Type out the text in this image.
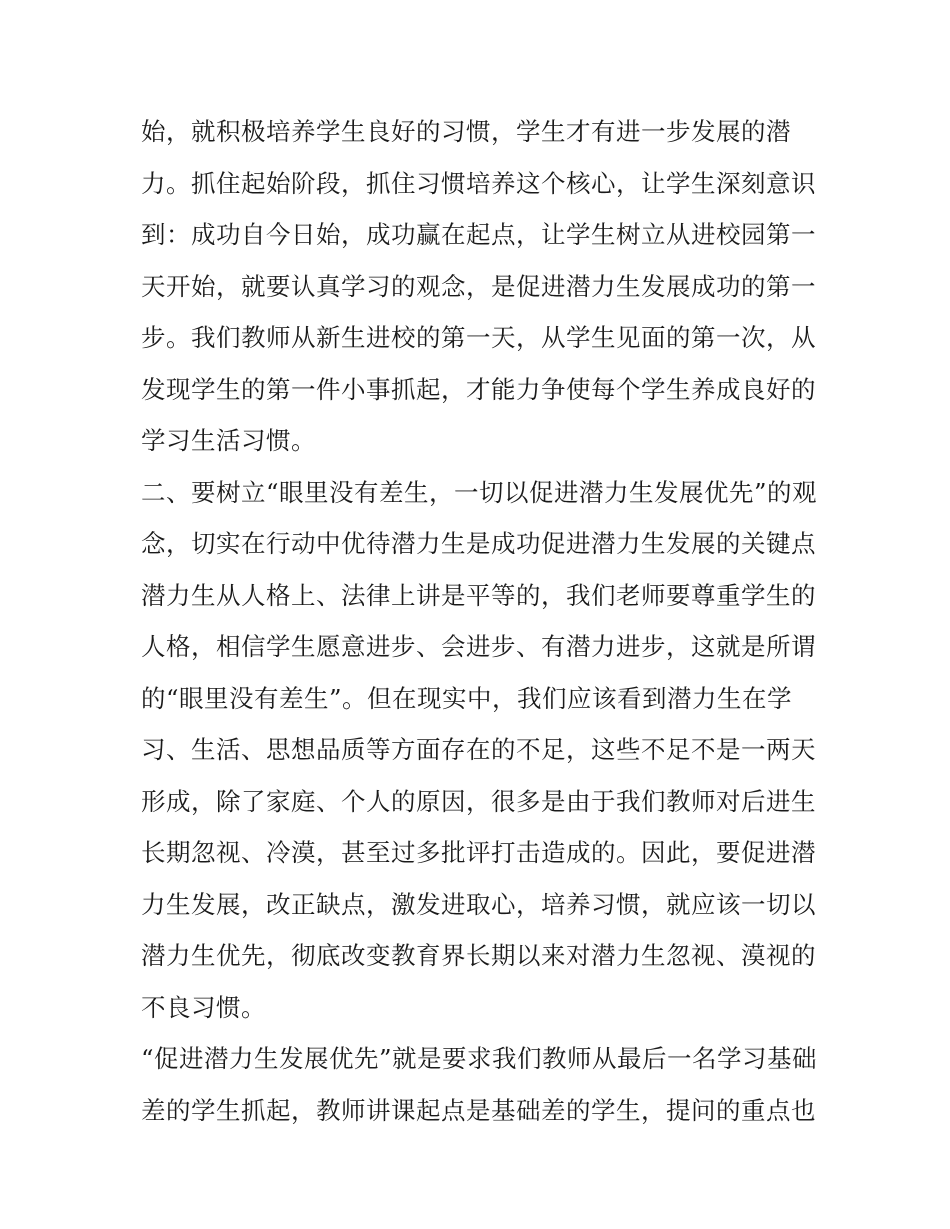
始，就积极培养学生良好的习惯，学生才有进一步发展的潜
力。抓住起始阶段，抓住习惯培养这个核心，让学生深刻意识
到：成功自今日始，成功赢在起点，让学生树立从进校园第一
天开始，就要认真学习的观念，是促进潜力生发展成功的第一
步。我们教师从新生进校的第一天，从学生见面的第一次，从
发现学生的第一件小事抓起，才能力争使每个学生养成良好的
学习生活习惯。
二、要树立“眼里没有差生，一切以促进潜力生发展优先”的观
念，切实在行动中优待潜力生是成功促进潜力生发展的关键点
潜力生从人格上、法律上讲是平等的，我们老师要尊重学生的
人格，相信学生愿意进步、会进步、有潜力进步，这就是所谓
的“眼里没有差生”。但在现实中，我们应该看到潜力生在学
习、生活、思想品质等方面存在的不足，这些不足不是一两天
形成，除了家庭、个人的原因，很多是由于我们教师对后进生
长期忽视、冷漠，甚至过多批评打击造成的。因此，要促进潜
力生发展，改正缺点，激发进取心，培养习惯，就应该一切以
潜力生优先，彻底改变教育界长期以来对潜力生忽视、漠视的
不良习惯。
“促进潜力生发展优先”就是要求我们教师从最后一名学习基础
差的学生抓起，教师讲课起点是基础差的学生，提问的重点也
